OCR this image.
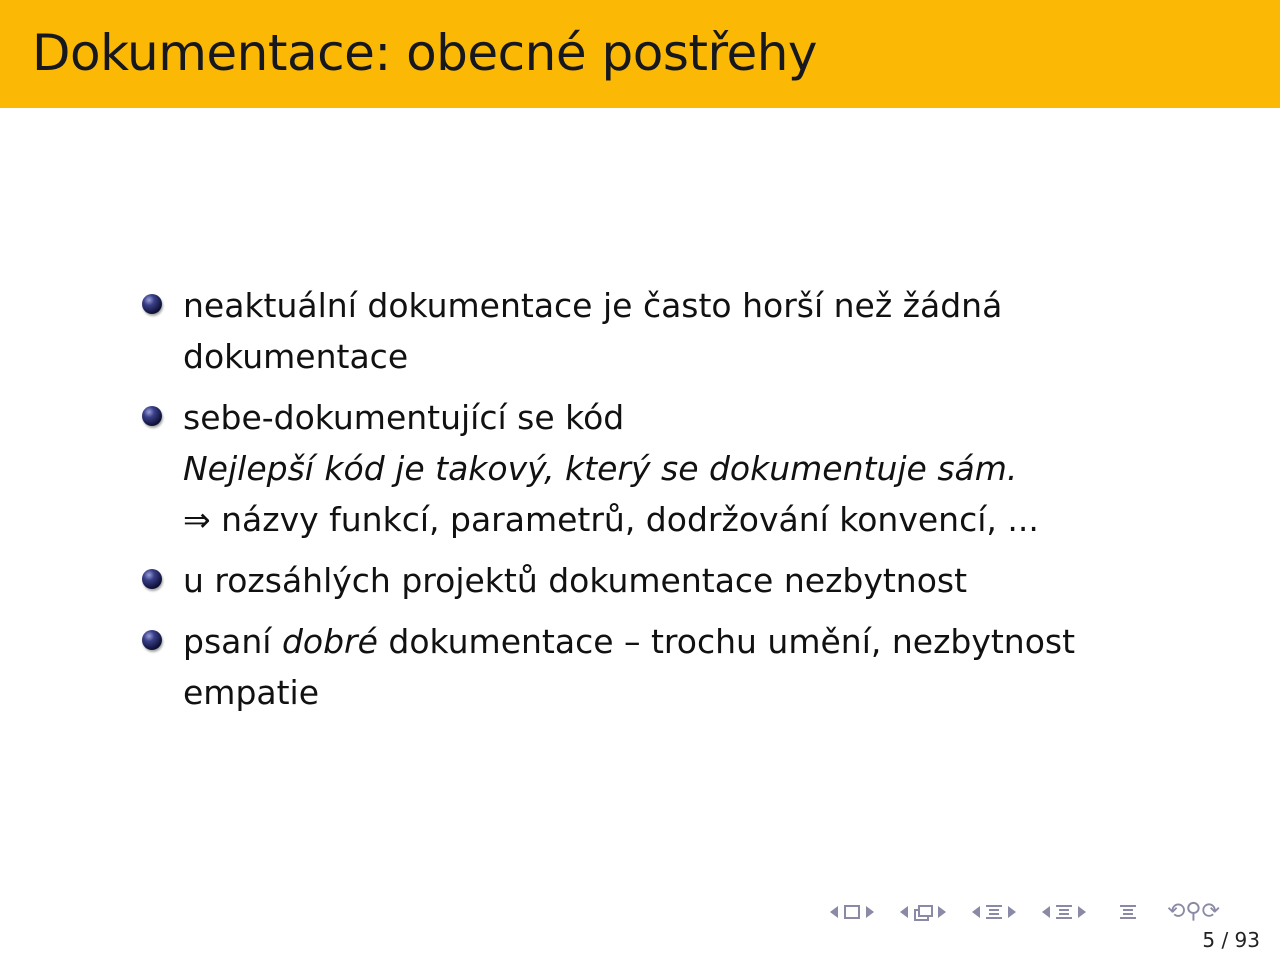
Dokumentace: obecné postřehy
neaktuální dokumentace je často horší než žádná
dokumentace
sebe-dokumentující se kód
Nejlepší kód je takový, který se dokumentuje sám.
⇒ názvy funkcí, parametrů, dodržování konvencí, ...
u rozsáhlých projektů dokumentace nezbytnost
psaní dobré dokumentace – trochu umění, nezbytnost
empatie
⟲⚲⟳
5 / 93
